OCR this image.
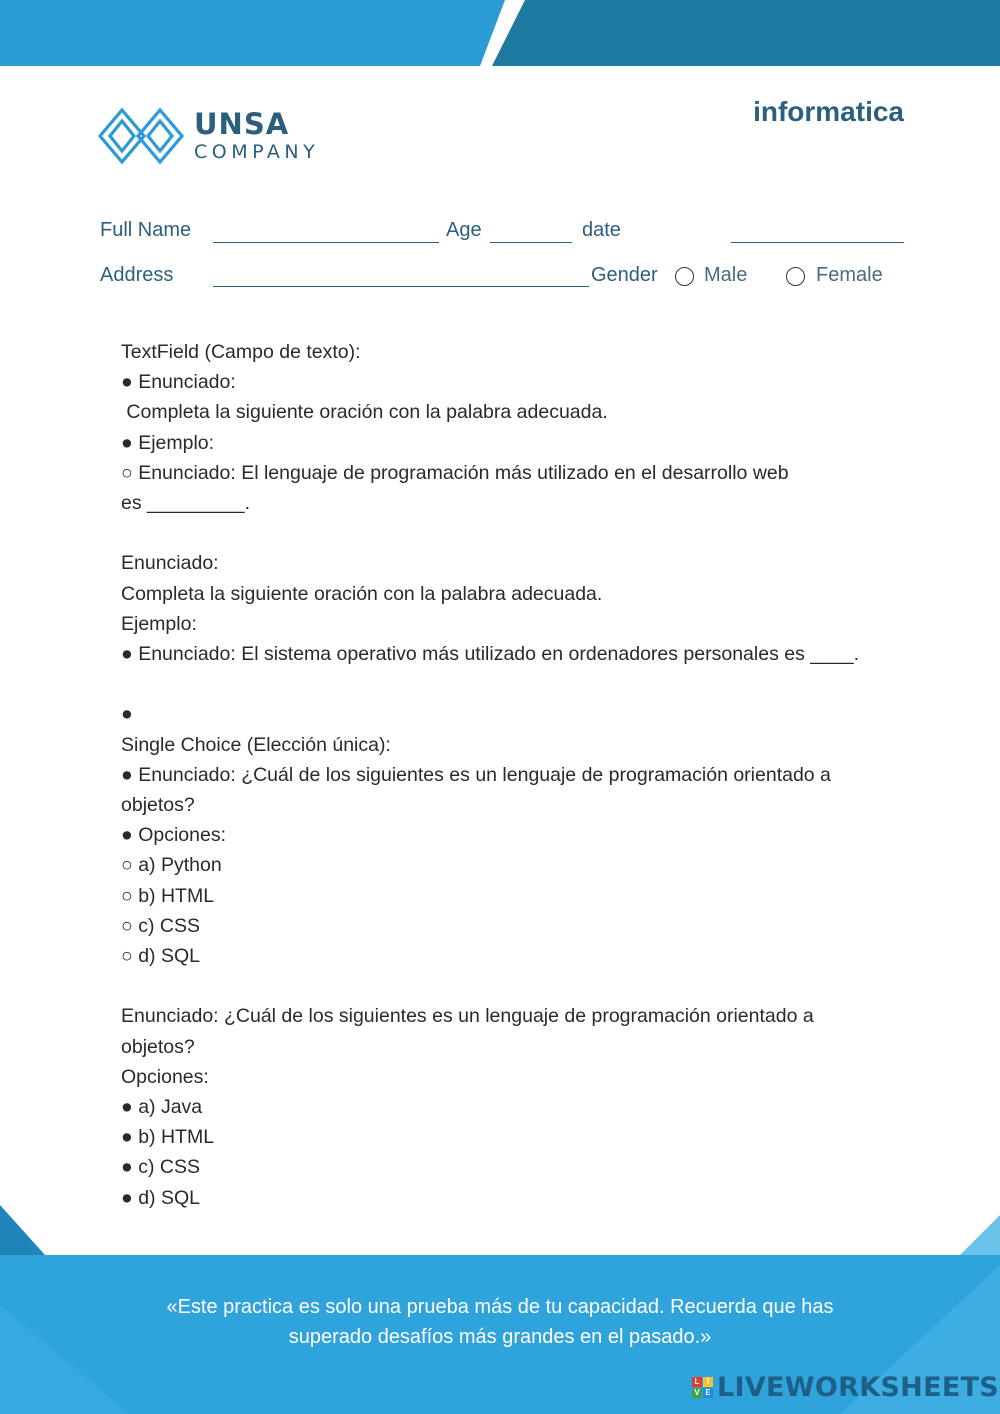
UNSA
COMPANY
informatica
Full Name	Age	date
Address	Gender Male	Female
TextField (Campo de texto):
● Enunciado:
Completa la siguiente oración con la palabra adecuada.
● Ejemplo:
○ Enunciado: El lenguaje de programación más utilizado en el desarrollo web
es _________.
Enunciado:
Completa la siguiente oración con la palabra adecuada.
Ejemplo:
● Enunciado: El sistema operativo más utilizado en ordenadores personales es ____.
●
Single Choice (Elección única):
● Enunciado: ¿Cuál de los siguientes es un lenguaje de programación orientado a
objetos?
● Opciones:
○ a) Python
○ b) HTML
○ c) CSS
○ d) SQL
Enunciado: ¿Cuál de los siguientes es un lenguaje de programación orientado a
objetos?
Opciones:
● a) Java
● b) HTML
● c) CSS
● d) SQL
«Este practica es solo una prueba más de tu capacidad. Recuerda que has
superado desafíos más grandes en el pasado.»
L I
V E LIVEWORKSHEETS
